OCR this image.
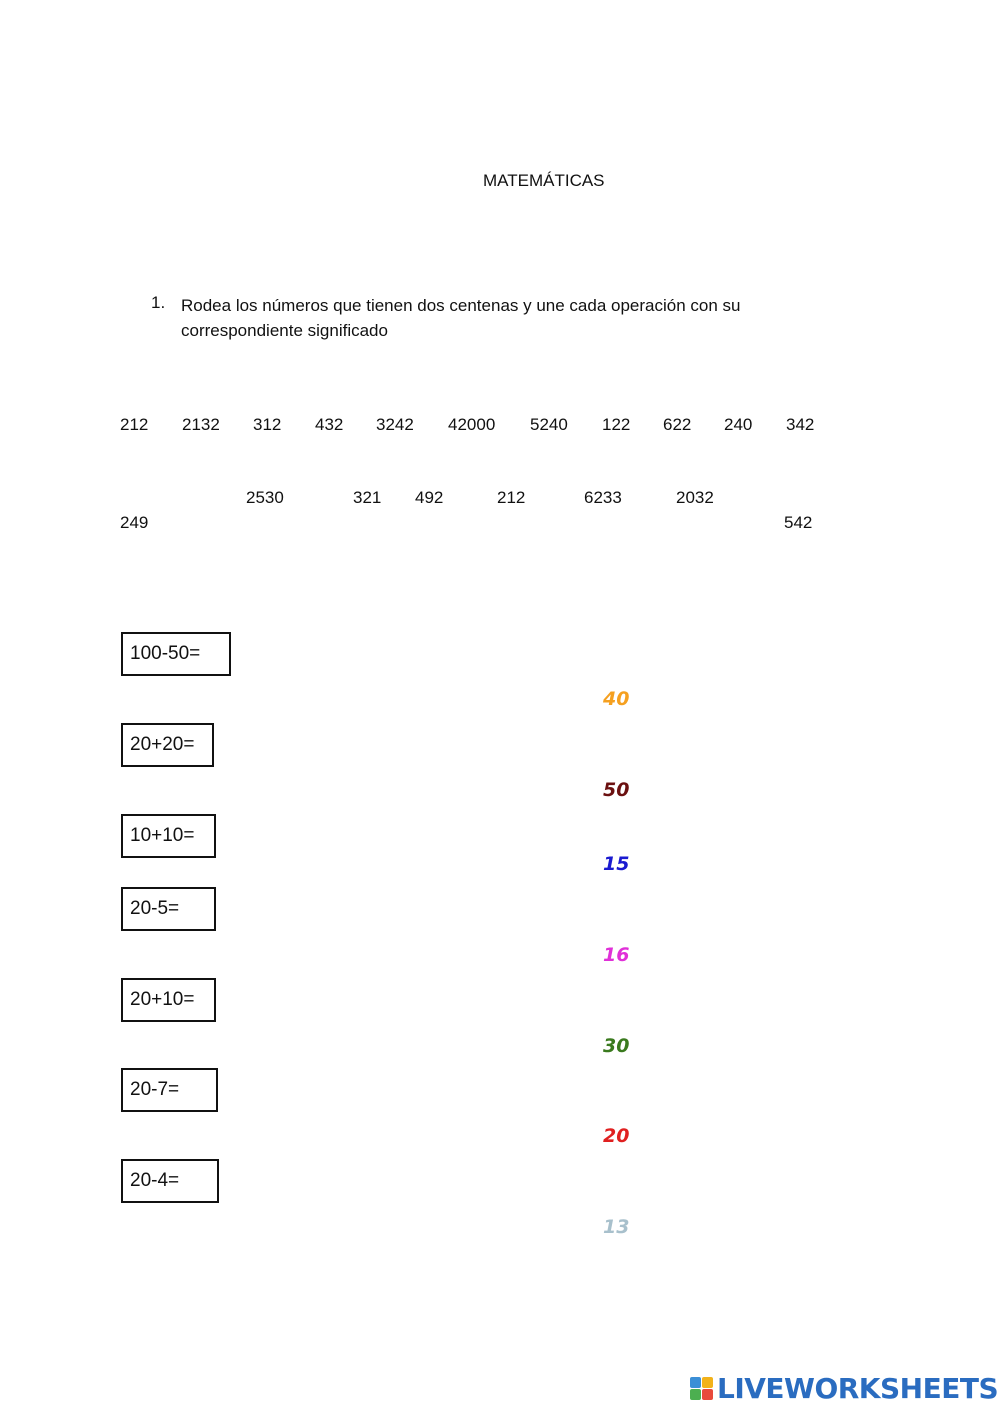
MATEMÁTICAS
1. Rodea los números que tienen dos centenas y une cada operación con su correspondiente significado
212 2132 312 432 3242 42000 5240 122 622 240 342
249
2530	321 492	212	6233	2032
542
100-50=
20+20=
10+10=
20-5=
20+10=
20-7=
20-4=
40
50
15
16
30
20
13
LIVEWORKSHEETS
